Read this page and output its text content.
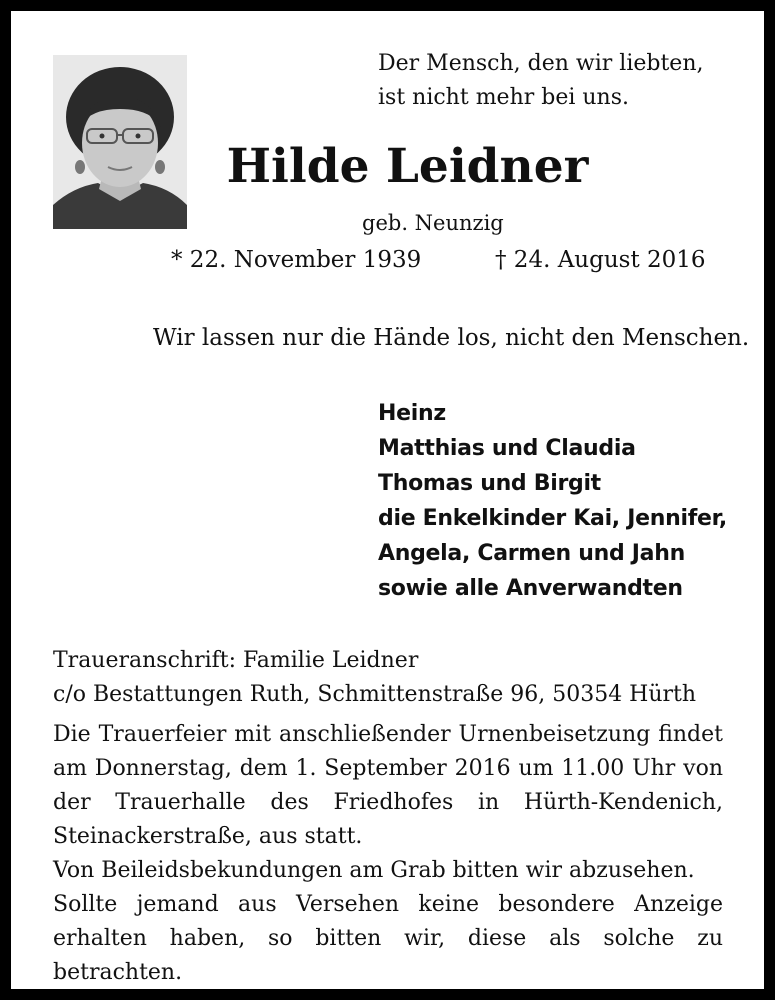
Der Mensch, den wir liebten,
ist nicht mehr bei uns.
Hilde Leidner
geb. Neunzig
* 22. November 1939	† 24. August 2016
Wir lassen nur die Hände los, nicht den Menschen.
Heinz
Matthias und Claudia
Thomas und Birgit
die Enkelkinder Kai, Jennifer,
Angela, Carmen und Jahn
sowie alle Anverwandten
Traueranschrift: Familie Leidner
c/o Bestattungen Ruth, Schmittenstraße 96, 50354 Hürth

Die Trauerfeier mit anschließender Urnenbeisetzung findet am Donnerstag, dem 1. September 2016 um 11.00 Uhr von der Trauerhalle des Friedhofes in Hürth-Kendenich, Steinackerstraße, aus statt.

Von Beileidsbekundungen am Grab bitten wir abzusehen.

Sollte jemand aus Versehen keine besondere Anzeige erhalten haben, so bitten wir, diese als solche zu betrachten.
